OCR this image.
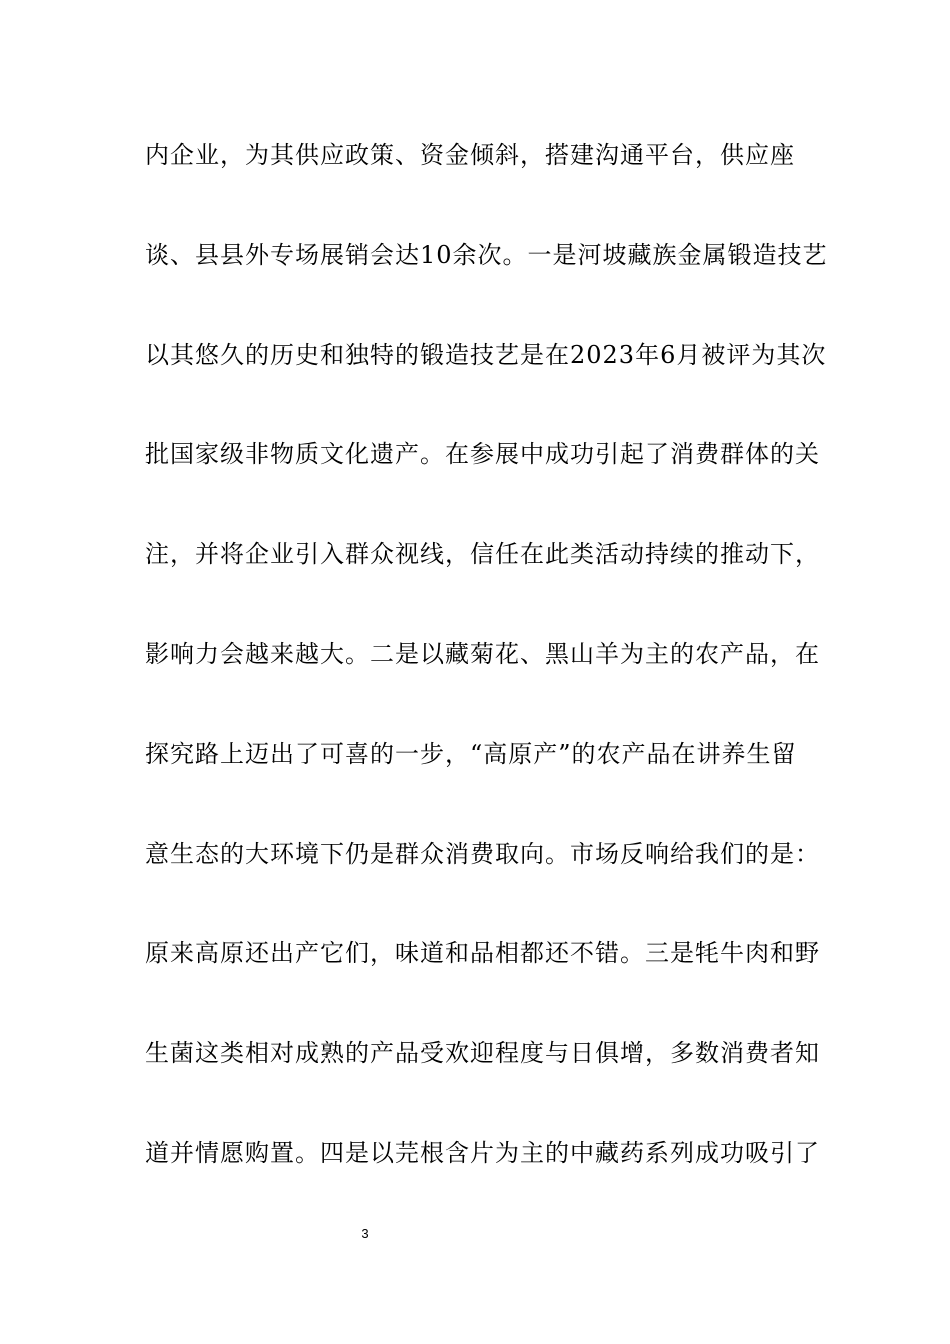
内企业，为其供应政策、资金倾斜，搭建沟通平台，供应座
谈、县县外专场展销会达10余次。一是河坡藏族金属锻造技艺
以其悠久的历史和独特的锻造技艺是在2023年6月被评为其次
批国家级非物质文化遗产。在参展中成功引起了消费群体的关
注，并将企业引入群众视线，信任在此类活动持续的推动下，
影响力会越来越大。二是以藏菊花、黑山羊为主的农产品，在
探究路上迈出了可喜的一步，“高原产”的农产品在讲养生留
意生态的大环境下仍是群众消费取向。市场反响给我们的是：
原来高原还出产它们，味道和品相都还不错。三是牦牛肉和野
生菌这类相对成熟的产品受欢迎程度与日俱增，多数消费者知
道并情愿购置。四是以芫根含片为主的中藏药系列成功吸引了
3
